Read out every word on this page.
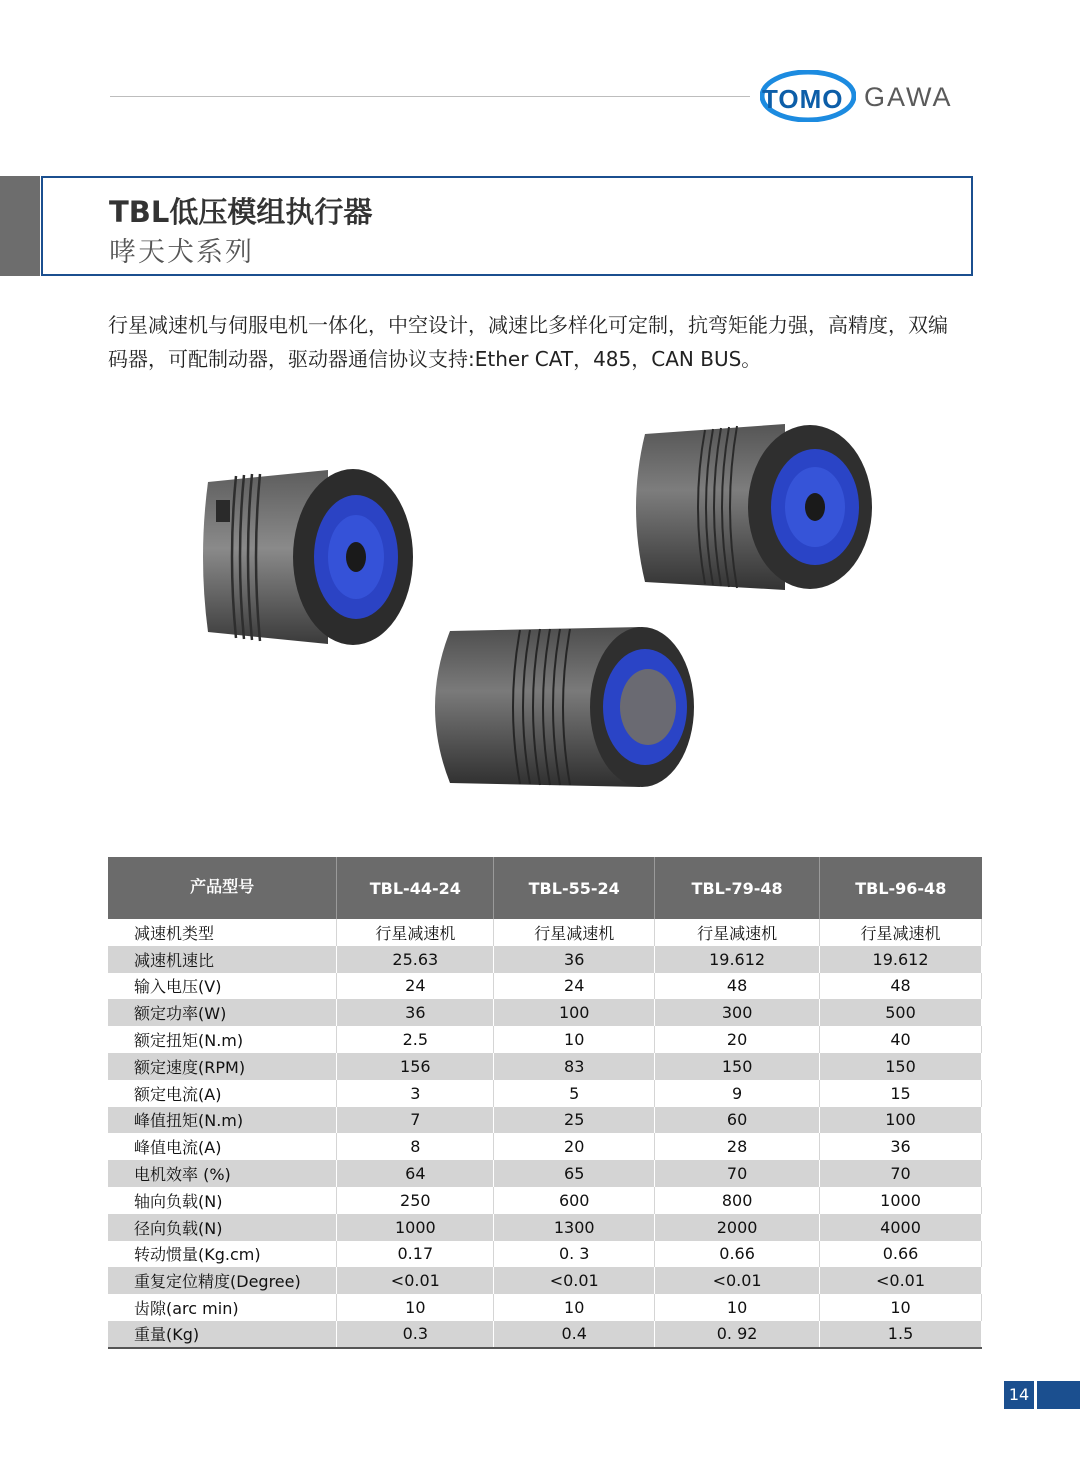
TOMO GAWA
TBL低压模组执行器
哮天犬系列
行星减速机与伺服电机一体化，中空设计，减速比多样化可定制，抗弯矩能力强，高精度，双编码器，可配制动器，驱动器通信协议支持:Ether CAT，485，CAN BUS。
产品型号	TBL-44-24	TBL-55-24	TBL-79-48	TBL-96-48
减速机类型	行星减速机	行星减速机	行星减速机	行星减速机
减速机速比	25.63	36	19.612	19.612
输入电压(V)	24	24	48	48
额定功率(W)	36	100	300	500
额定扭矩(N.m)	2.5	10	20	40
额定速度(RPM)	156	83	150	150
额定电流(A)	3	5	9	15
峰值扭矩(N.m)	7	25	60	100
峰值电流(A)	8	20	28	36
电机效率 (%)	64	65	70	70
轴向负载(N)	250	600	800	1000
径向负载(N)	1000	1300	2000	4000
转动惯量(Kg.cm)	0.17	0. 3	0.66	0.66
重复定位精度(Degree)	<0.01	<0.01	<0.01	<0.01
齿隙(arc min)	10	10	10	10
重量(Kg)	0.3	0.4	0. 92	1.5
14
